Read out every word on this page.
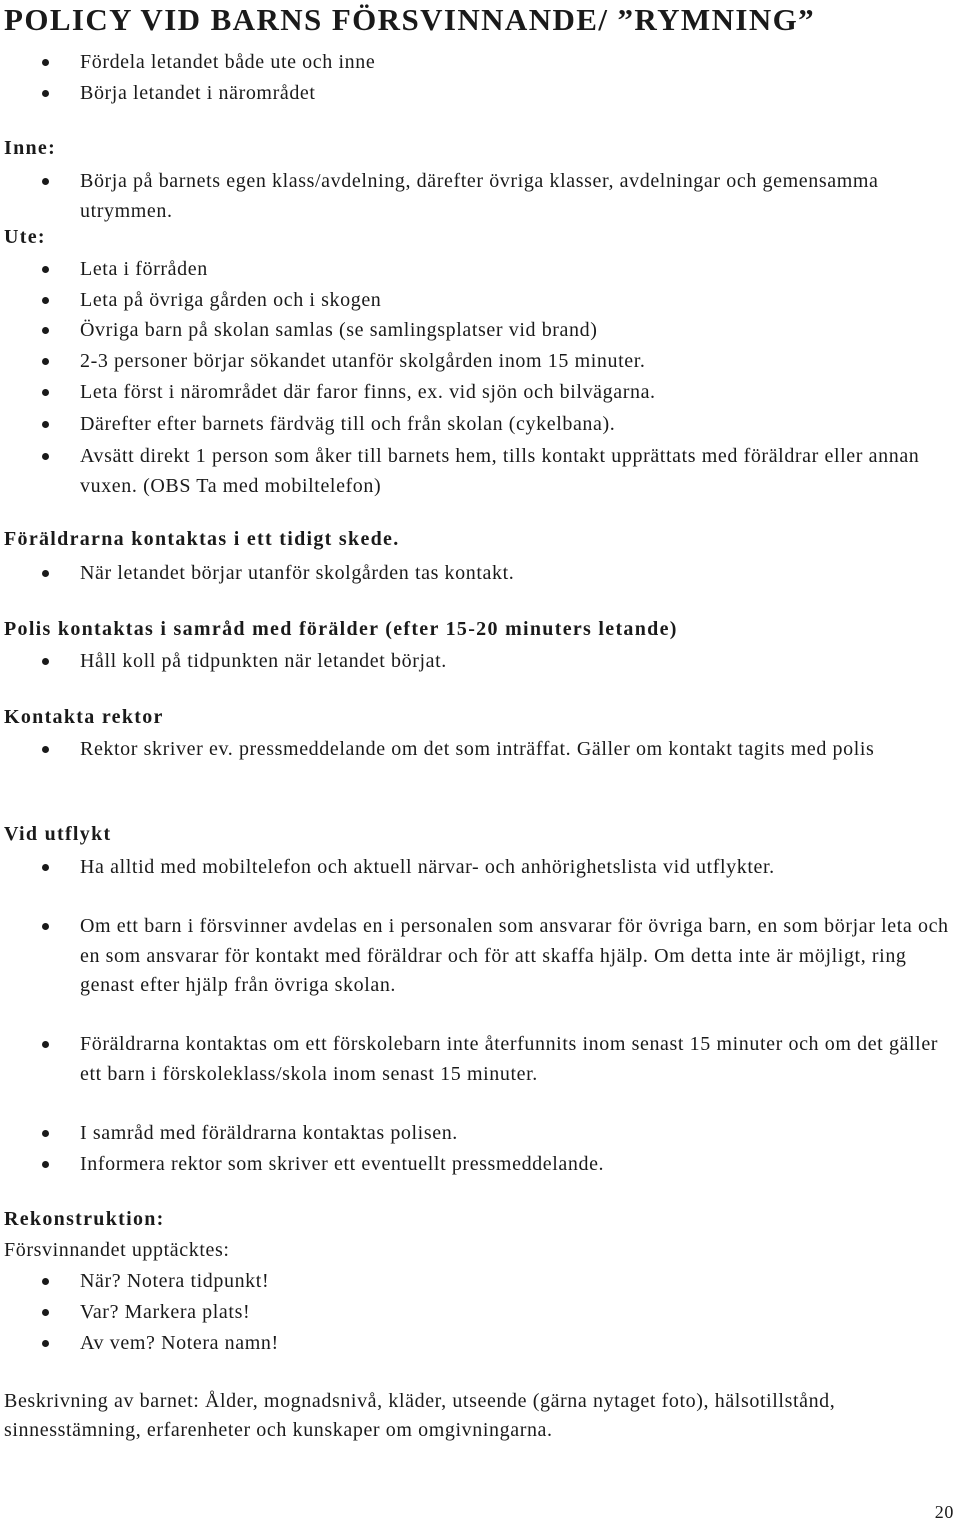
POLICY VID BARNS FÖRSVINNANDE/ ”RYMNING”
Fördela letandet både ute och inne
Börja letandet i närområdet
Inne:
Börja på barnets egen klass/avdelning, därefter övriga klasser, avdelningar och gemensamma utrymmen.
Ute:
Leta i förråden
Leta på övriga gården och i skogen
Övriga barn på skolan samlas (se samlingsplatser vid brand)
2-3 personer börjar sökandet utanför skolgården inom 15 minuter.
Leta först i närområdet där faror finns, ex. vid sjön och bilvägarna.
Därefter efter barnets färdväg till och från skolan (cykelbana).
Avsätt direkt 1 person som åker till barnets hem, tills kontakt upprättats med föräldrar eller annan vuxen. (OBS Ta med mobiltelefon)
Föräldrarna kontaktas i ett tidigt skede.
När letandet börjar utanför skolgården tas kontakt.
Polis kontaktas i samråd med förälder (efter 15-20 minuters letande)
Håll koll på tidpunkten när letandet börjat.
Kontakta rektor
Rektor skriver ev. pressmeddelande om det som inträffat. Gäller om kontakt tagits med polis
Vid utflykt
Ha alltid med mobiltelefon och aktuell närvar- och anhörighetslista vid utflykter.
Om ett barn i försvinner avdelas en i personalen som ansvarar för övriga barn, en som börjar leta och en som ansvarar för kontakt med föräldrar och för att skaffa hjälp. Om detta inte är möjligt, ring genast efter hjälp från övriga skolan.
Föräldrarna kontaktas om ett förskolebarn inte återfunnits inom senast 15 minuter och om det gäller ett barn i förskoleklass/skola inom senast 15 minuter.
I samråd med föräldrarna kontaktas polisen.
Informera rektor som skriver ett eventuellt pressmeddelande.
Rekonstruktion:
Försvinnandet upptäcktes:
När? Notera tidpunkt!
Var? Markera plats!
Av vem? Notera namn!
Beskrivning av barnet: Ålder, mognadsnivå, kläder, utseende (gärna nytaget foto), hälsotillstånd, sinnesstämning, erfarenheter och kunskaper om omgivningarna.
20
